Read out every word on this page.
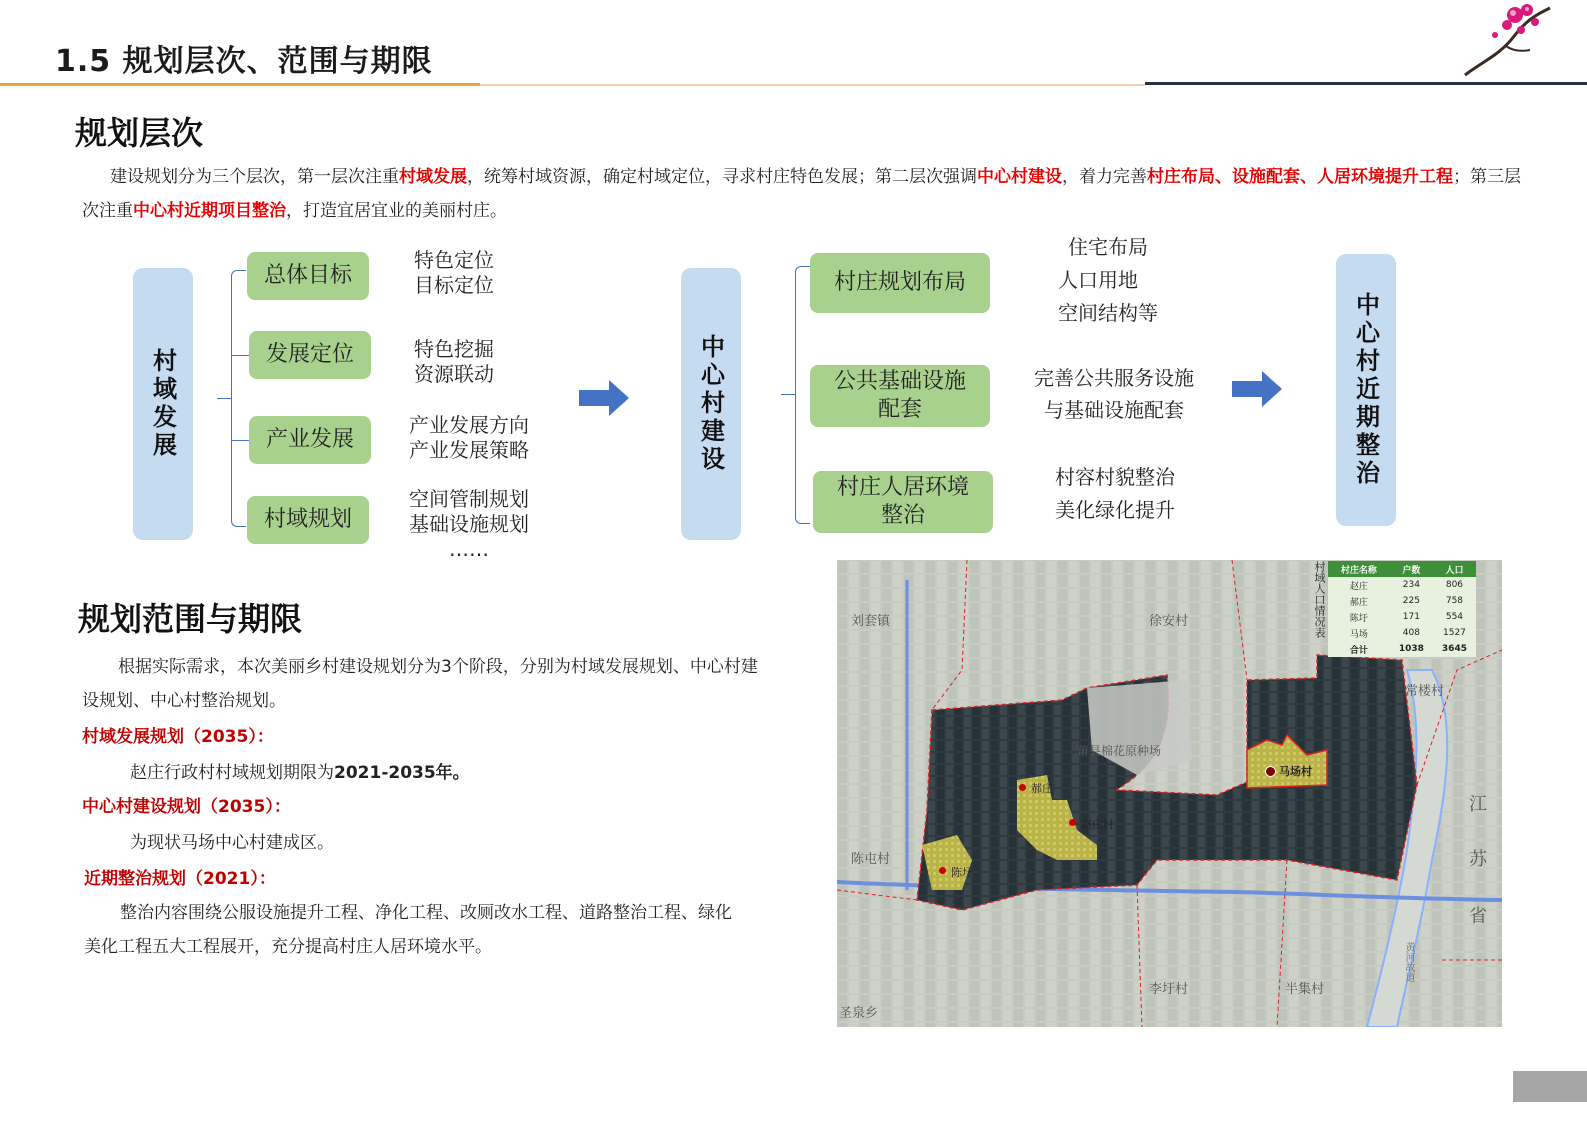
1.5 规划层次、范围与期限
规划层次
建设规划分为三个层次，第一层次注重村域发展，统筹村域资源，确定村域定位，寻求村庄特色发展；第二层次强调中心村建设，着力完善村庄布局、设施配套、人居环境提升工程；第三层次注重中心村近期项目整治，打造宜居宜业的美丽村庄。
村域发展	中心村建设	中心村近期整治
总体目标
发展定位
产业发展
村域规划
特色定位
目标定位
特色挖掘
资源联动
产业发展方向
产业发展策略
空间管制规划
基础设施规划
……
村庄规划布局
公共基础设施配套
村庄人居环境整治
住宅布局
人口用地
空间结构等
完善公共服务设施
与基础设施配套
村容村貌整治
美化绿化提升
规划范围与期限
根据实际需求，本次美丽乡村建设规划分为3个阶段，分别为村域发展规划、中心村建设规划、中心村整治规划。
村域发展规划（2035）：
赵庄行政村村域规划期限为2021-2035年。
中心村建设规划（2035）：
为现状马场中心村建成区。
近期整治规划（2021）：
整治内容围绕公服设施提升工程、净化工程、改厕改水工程、道路整治工程、绿化美化工程五大工程展开，充分提高村庄人居环境水平。
刘套镇	徐安村
常楼村
萧县棉花原种场
陈屯村
李圩村	半集村
圣泉乡
江
苏
省
黄河故道
郝庄
赵庄村
陈圩
马场村
村域人口情况表 村庄名称	户数	人口
赵庄	234	806
郝庄	225	758
陈圩	171	554
马场	408	1527
合计	1038	3645
